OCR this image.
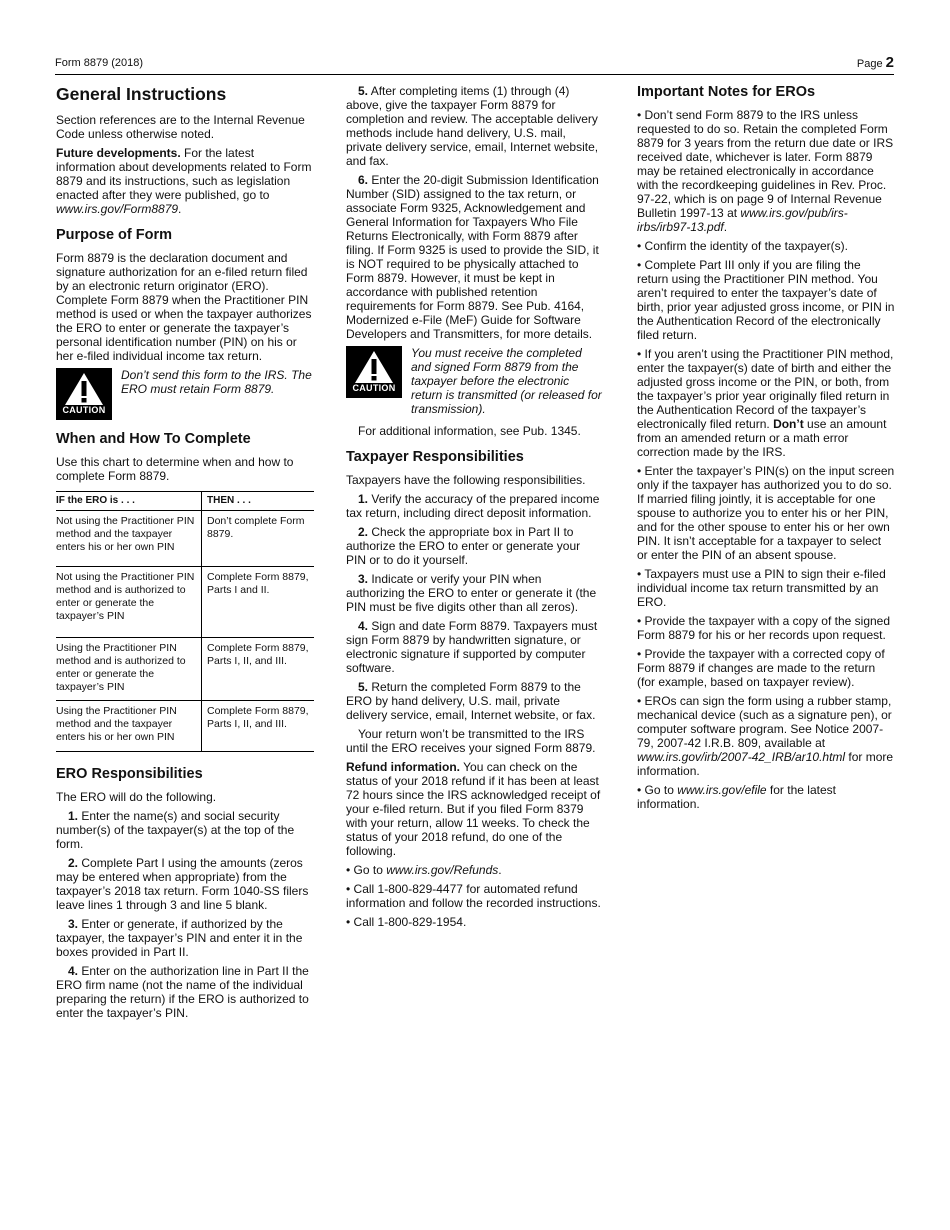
Form 8879 (2018)	Page 2
General Instructions

Section references are to the Internal Revenue Code unless otherwise noted.

Future developments. For the latest information about developments related to Form 8879 and its instructions, such as legislation enacted after they were published, go to www.irs.gov/Form8879.

Purpose of Form

Form 8879 is the declaration document and signature authorization for an e-filed return filed by an electronic return originator (ERO). Complete Form 8879 when the Practitioner PIN method is used or when the taxpayer authorizes the ERO to enter or generate the taxpayer’s personal identification number (PIN) on his or her e-filed individual income tax return.

CAUTION
Don’t send this form to the IRS. The ERO must retain Form 8879.
When and How To Complete

Use this chart to determine when and how to complete Form 8879.

IF the ERO is . . .	THEN . . .
Not using the Practitioner PIN method and the taxpayer enters his or her own PIN	Don’t complete Form 8879.
Not using the Practitioner PIN method and is authorized to enter or generate the taxpayer’s PIN	Complete Form 8879, Parts I and II.
Using the Practitioner PIN method and is authorized to enter or generate the taxpayer’s PIN	Complete Form 8879, Parts I, II, and III.
Using the Practitioner PIN method and the taxpayer enters his or her own PIN	Complete Form 8879, Parts I, II, and III.
ERO Responsibilities

The ERO will do the following.

1. Enter the name(s) and social security number(s) of the taxpayer(s) at the top of the form.

2. Complete Part I using the amounts (zeros may be entered when appropriate) from the taxpayer’s 2018 tax return. Form 1040-SS filers leave lines 1 through 3 and line 5 blank.

3. Enter or generate, if authorized by the taxpayer, the taxpayer’s PIN and enter it in the boxes provided in Part II.

4. Enter on the authorization line in Part II the ERO firm name (not the name of the individual preparing the return) if the ERO is authorized to enter the taxpayer’s PIN.

5. After completing items (1) through (4) above, give the taxpayer Form 8879 for completion and review. The acceptable delivery methods include hand delivery, U.S. mail, private delivery service, email, Internet website, and fax.

6. Enter the 20-digit Submission Identification Number (SID) assigned to the tax return, or associate Form 9325, Acknowledgement and General Information for Taxpayers Who File Returns Electronically, with Form 8879 after filing. If Form 9325 is used to provide the SID, it is NOT required to be physically attached to Form 8879. However, it must be kept in accordance with published retention requirements for Form 8879. See Pub. 4164, Modernized e-File (MeF) Guide for Software Developers and Transmitters, for more details.

CAUTION
You must receive the completed and signed Form 8879 from the taxpayer before the electronic return is transmitted (or released for transmission).

For additional information, see Pub. 1345.

Taxpayer Responsibilities

Taxpayers have the following responsibilities.

1. Verify the accuracy of the prepared income tax return, including direct deposit information.

2. Check the appropriate box in Part II to authorize the ERO to enter or generate your PIN or to do it yourself.

3. Indicate or verify your PIN when authorizing the ERO to enter or generate it (the PIN must be five digits other than all zeros).

4. Sign and date Form 8879. Taxpayers must sign Form 8879 by handwritten signature, or electronic signature if supported by computer software.

5. Return the completed Form 8879 to the ERO by hand delivery, U.S. mail, private delivery service, email, Internet website, or fax.

Your return won’t be transmitted to the IRS until the ERO receives your signed Form 8879.

Refund information. You can check on the status of your 2018 refund if it has been at least 72 hours since the IRS acknowledged receipt of your e-filed return. But if you filed Form 8379 with your return, allow 11 weeks. To check the status of your 2018 refund, do one of the following.

• Go to www.irs.gov/Refunds.

• Call 1-800-829-4477 for automated refund information and follow the recorded instructions.

• Call 1-800-829-1954.

Important Notes for EROs

• Don’t send Form 8879 to the IRS unless requested to do so. Retain the completed Form 8879 for 3 years from the return due date or IRS received date, whichever is later. Form 8879 may be retained electronically in accordance with the recordkeeping guidelines in Rev. Proc. 97-22, which is on page 9 of Internal Revenue Bulletin 1997-13 at www.irs.gov/pub/irs-irbs/irb97-13.pdf.

• Confirm the identity of the taxpayer(s).

• Complete Part III only if you are filing the return using the Practitioner PIN method. You aren’t required to enter the taxpayer’s date of birth, prior year adjusted gross income, or PIN in the Authentication Record of the electronically filed return.

• If you aren’t using the Practitioner PIN method, enter the taxpayer(s) date of birth and either the adjusted gross income or the PIN, or both, from the taxpayer’s prior year originally filed return in the Authentication Record of the taxpayer’s electronically filed return. Don’t use an amount from an amended return or a math error correction made by the IRS.

• Enter the taxpayer’s PIN(s) on the input screen only if the taxpayer has authorized you to do so. If married filing jointly, it is acceptable for one spouse to authorize you to enter his or her PIN, and for the other spouse to enter his or her own PIN. It isn’t acceptable for a taxpayer to select or enter the PIN of an absent spouse.

• Taxpayers must use a PIN to sign their e-filed individual income tax return transmitted by an ERO.

• Provide the taxpayer with a copy of the signed Form 8879 for his or her records upon request.

• Provide the taxpayer with a corrected copy of Form 8879 if changes are made to the return (for example, based on taxpayer review).

• EROs can sign the form using a rubber stamp, mechanical device (such as a signature pen), or computer software program. See Notice 2007-79, 2007-42 I.R.B. 809, available at www.irs.gov/irb/2007-42_IRB/ar10.html for more information.

• Go to www.irs.gov/efile for the latest information.
